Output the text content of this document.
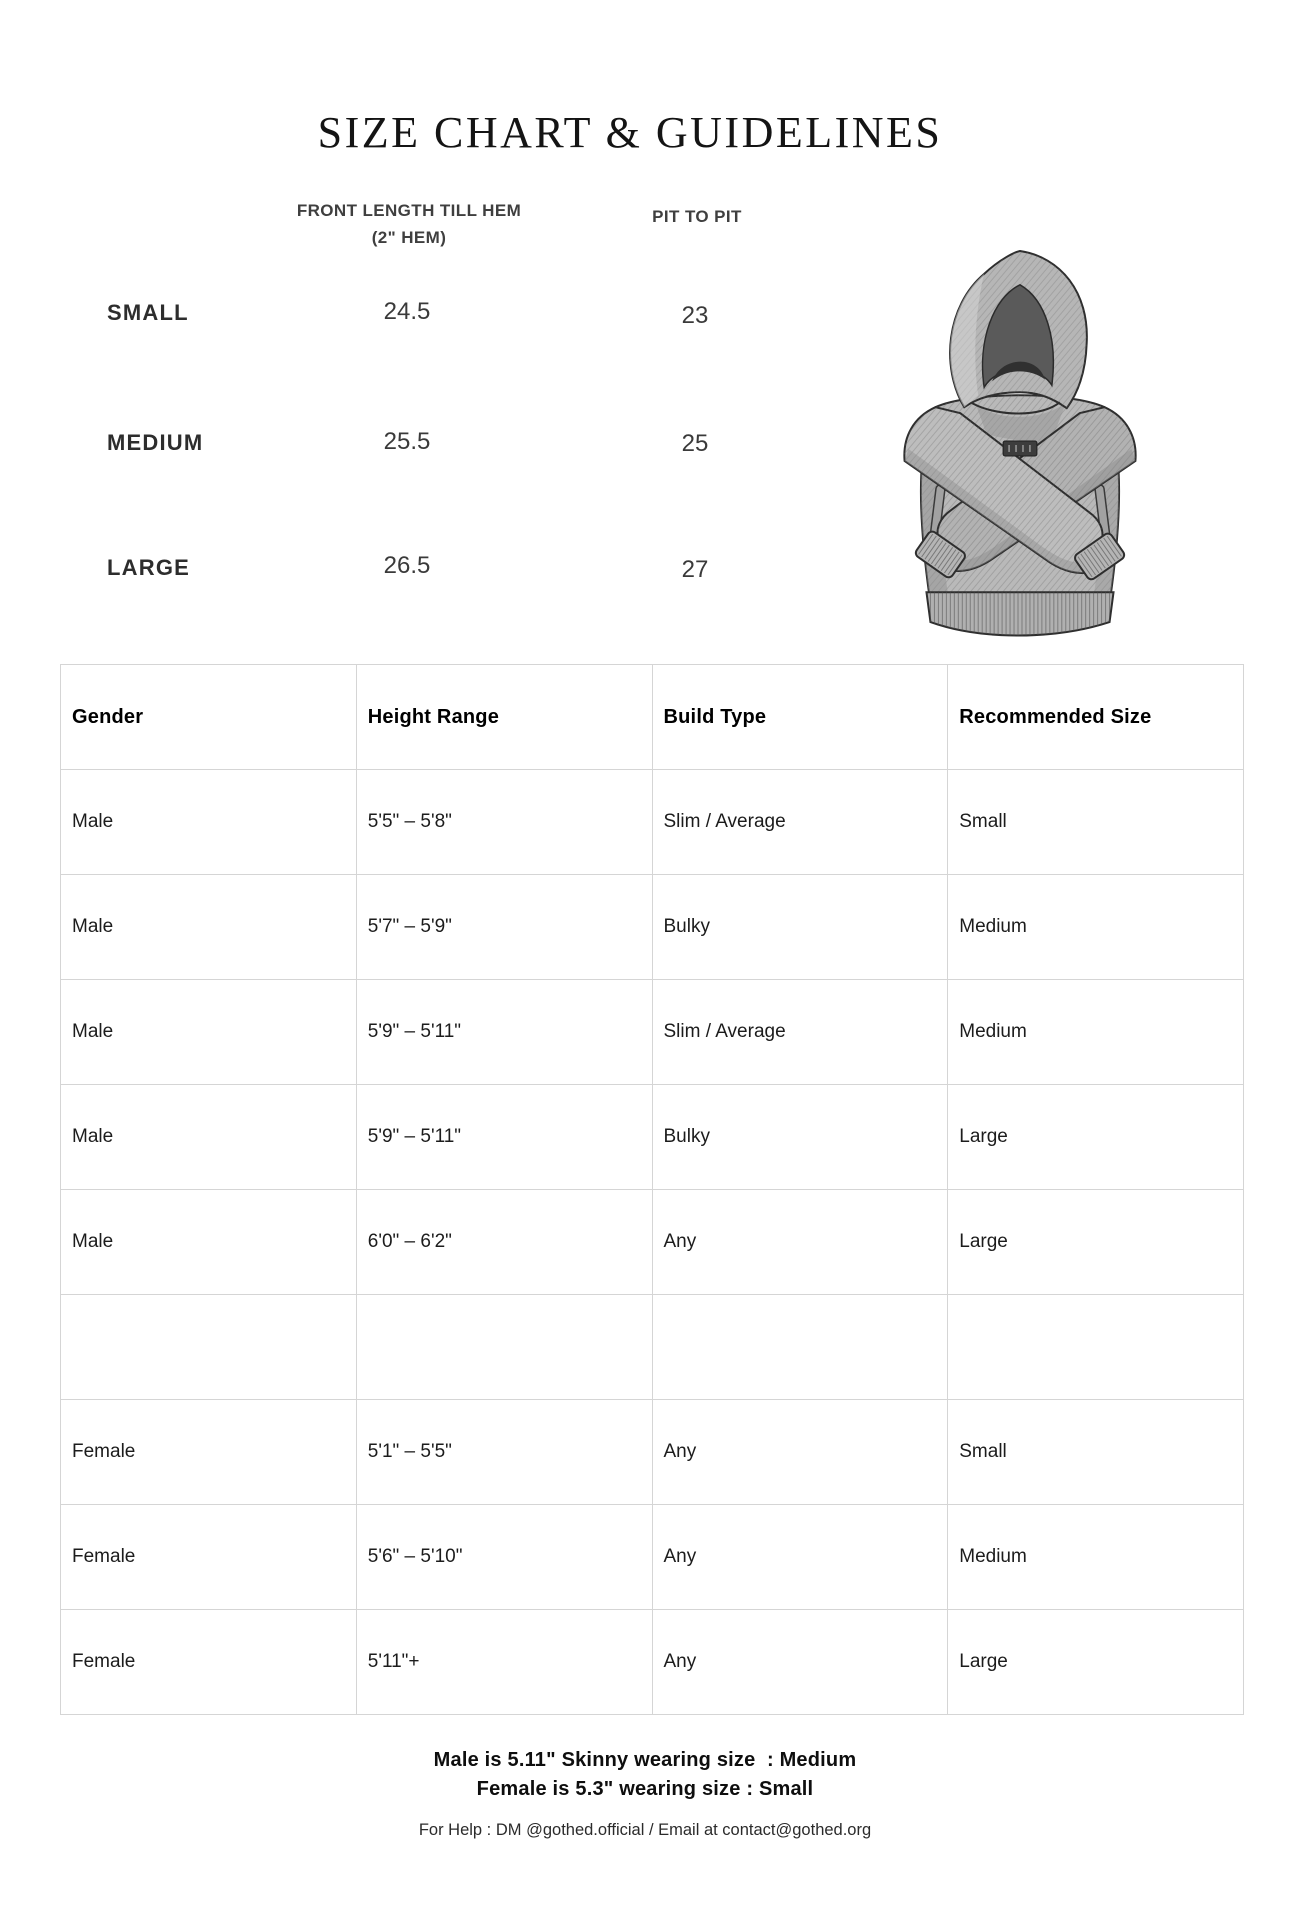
SIZE CHART & GUIDELINES
FRONT LENGTH TILL HEM
(2" HEM)
PIT TO PIT
SMALL	24.5	23
MEDIUM	25.5	25
LARGE	26.5	27
Gender	Height Range	Build Type	Recommended Size
Male	5'5" – 5'8"	Slim / Average	Small
Male	5'7" – 5'9"	Bulky	Medium
Male	5'9" – 5'11"	Slim / Average	Medium
Male	5'9" – 5'11"	Bulky	Large
Male	6'0" – 6'2"	Any	Large

Female	5'1" – 5'5"	Any	Small
Female	5'6" – 5'10"	Any	Medium
Female	5'11"+	Any	Large
Male is 5.11" Skinny wearing size  : Medium
Female is 5.3" wearing size : Small
For Help : DM @gothed.official / Email at contact@gothed.org
